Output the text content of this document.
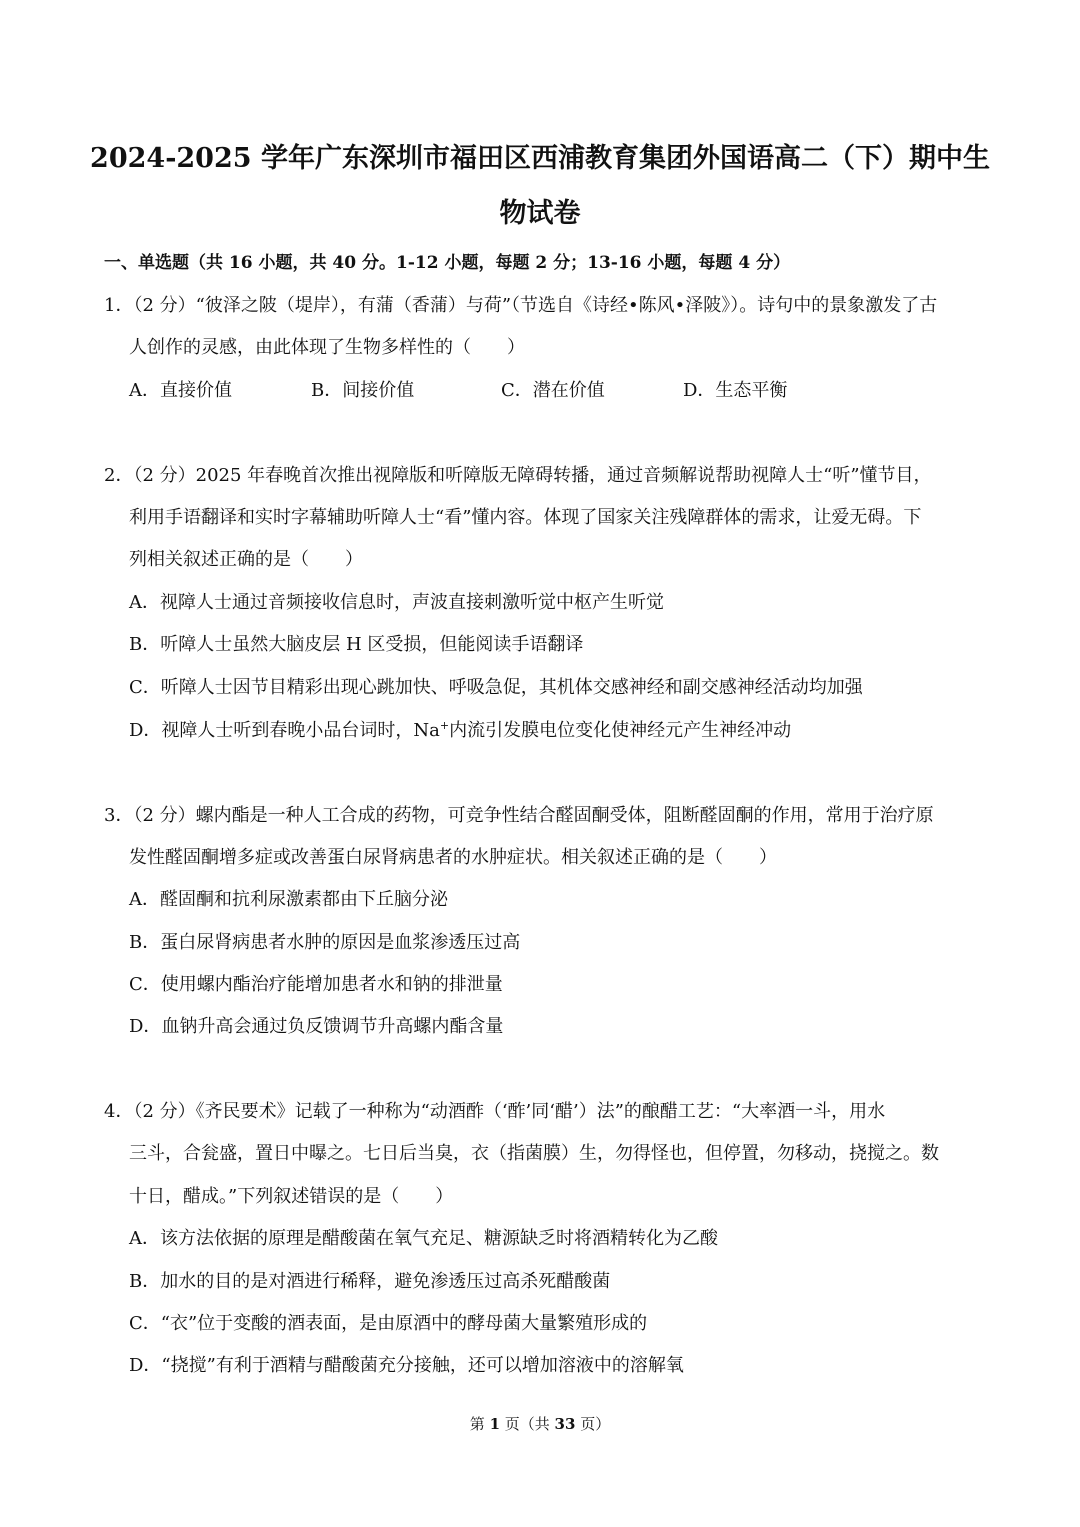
2024-2025 学年广东深圳市福田区西浦教育集团外国语高二（下）期中生
物试卷
一、单选题（共 16 小题，共 40 分。1-12 小题，每题 2 分；13-16 小题，每题 4 分）
1．（2 分）“彼泽之陂（堤岸），有蒲（香蒲）与荷”（节选自《诗经•陈风•泽陂》）。诗句中的景象激发了古
人创作的灵感，由此体现了生物多样性的（　　）
A．直接价值	B．间接价值	C．潜在价值	D．生态平衡
2．（2 分）2025 年春晚首次推出视障版和听障版无障碍转播，通过音频解说帮助视障人士“听”懂节目，
利用手语翻译和实时字幕辅助听障人士“看”懂内容。体现了国家关注残障群体的需求，让爱无碍。下
列相关叙述正确的是（　　）
A．视障人士通过音频接收信息时，声波直接刺激听觉中枢产生听觉
B．听障人士虽然大脑皮层 H 区受损，但能阅读手语翻译
C．听障人士因节目精彩出现心跳加快、呼吸急促，其机体交感神经和副交感神经活动均加强
D．视障人士听到春晚小品台词时，Na+内流引发膜电位变化使神经元产生神经冲动
3．（2 分）螺内酯是一种人工合成的药物，可竞争性结合醛固酮受体，阻断醛固酮的作用，常用于治疗原
发性醛固酮增多症或改善蛋白尿肾病患者的水肿症状。相关叙述正确的是（　　）
A．醛固酮和抗利尿激素都由下丘脑分泌
B．蛋白尿肾病患者水肿的原因是血浆渗透压过高
C．使用螺内酯治疗能增加患者水和钠的排泄量
D．血钠升高会通过负反馈调节升高螺内酯含量
4．（2 分）《齐民要术》记载了一种称为“动酒酢（‘酢’同‘醋’）法”的酿醋工艺：“大率酒一斗，用水
三斗，合瓮盛，置日中曝之。七日后当臭，衣（指菌膜）生，勿得怪也，但停置，勿移动，挠搅之。数
十日，醋成。”下列叙述错误的是（　　）
A．该方法依据的原理是醋酸菌在氧气充足、糖源缺乏时将酒精转化为乙酸
B．加水的目的是对酒进行稀释，避免渗透压过高杀死醋酸菌
C．“衣”位于变酸的酒表面，是由原酒中的酵母菌大量繁殖形成的
D．“挠搅”有利于酒精与醋酸菌充分接触，还可以增加溶液中的溶解氧
第 1 页（共 33 页）
